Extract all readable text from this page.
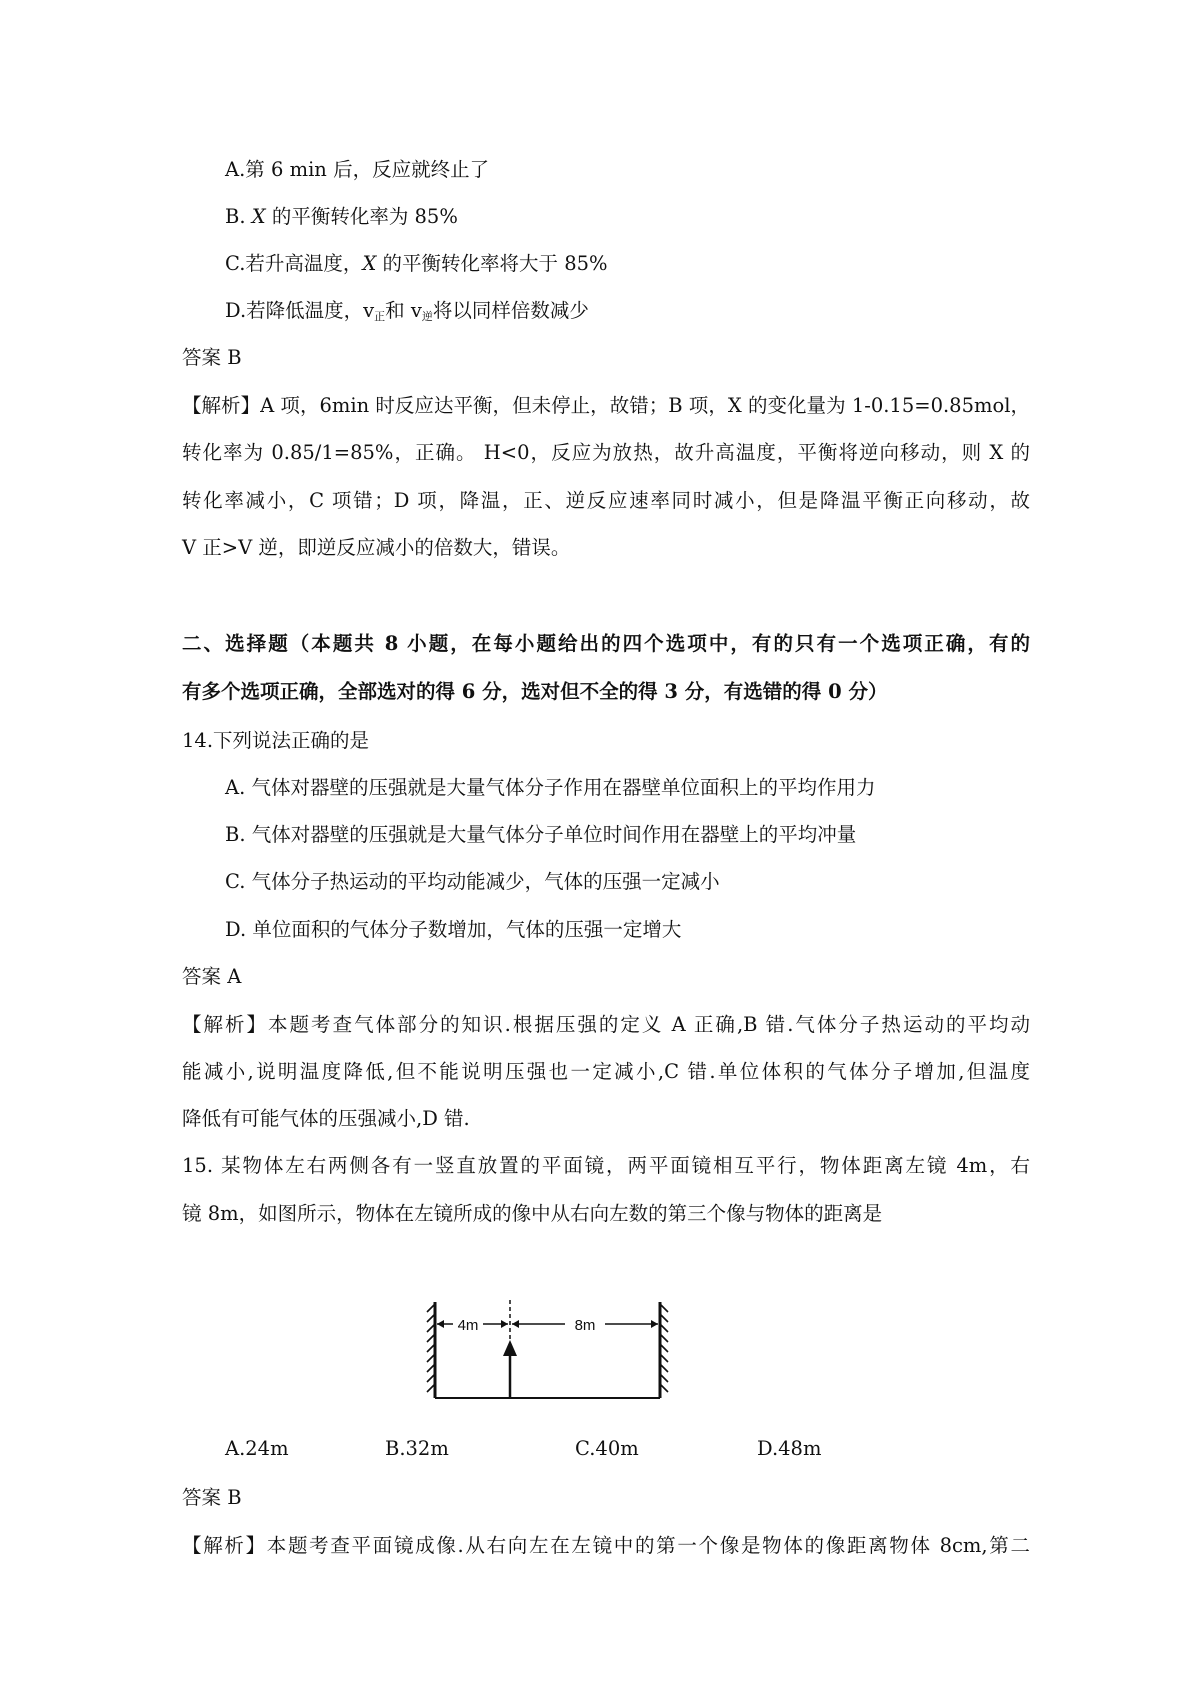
A.第 6 min 后，反应就终止了
B. X 的平衡转化率为 85%
C.若升高温度，X 的平衡转化率将大于 85%
D.若降低温度，$v_正$和 $v_逆$将以同样倍数减少
答案 B
【解析】A 项，6min 时反应达平衡，但未停止，故错；B 项，X 的变化量为 1-0.15=0.85mol，
转化率为 0.85/1=85%，正确。 H<0，反应为放热，故升高温度，平衡将逆向移动，则 X 的
转化率减小，C 项错；D 项，降温，正、逆反应速率同时减小，但是降温平衡正向移动，故
V 正>V 逆，即逆反应减小的倍数大，错误。
二、选择题（本题共 8 小题，在每小题给出的四个选项中，有的只有一个选项正确，有的
有多个选项正确，全部选对的得 6 分，选对但不全的得 3 分，有选错的得 0 分）
14.下列说法正确的是
A. 气体对器壁的压强就是大量气体分子作用在器壁单位面积上的平均作用力
B. 气体对器壁的压强就是大量气体分子单位时间作用在器壁上的平均冲量
C. 气体分子热运动的平均动能减少，气体的压强一定减小
D. 单位面积的气体分子数增加，气体的压强一定增大
答案 A
【解析】本题考查气体部分的知识.根据压强的定义 A 正确,B 错.气体分子热运动的平均动
能减小,说明温度降低,但不能说明压强也一定减小,C 错.单位体积的气体分子增加,但温度
降低有可能气体的压强减小,D 错.
15. 某物体左右两侧各有一竖直放置的平面镜，两平面镜相互平行，物体距离左镜 4m，右
镜 8m，如图所示，物体在左镜所成的像中从右向左数的第三个像与物体的距离是
4m	8m
A.24m	B.32m	C.40m	D.48m
答案 B
【解析】本题考查平面镜成像.从右向左在左镜中的第一个像是物体的像距离物体 8cm,第二
